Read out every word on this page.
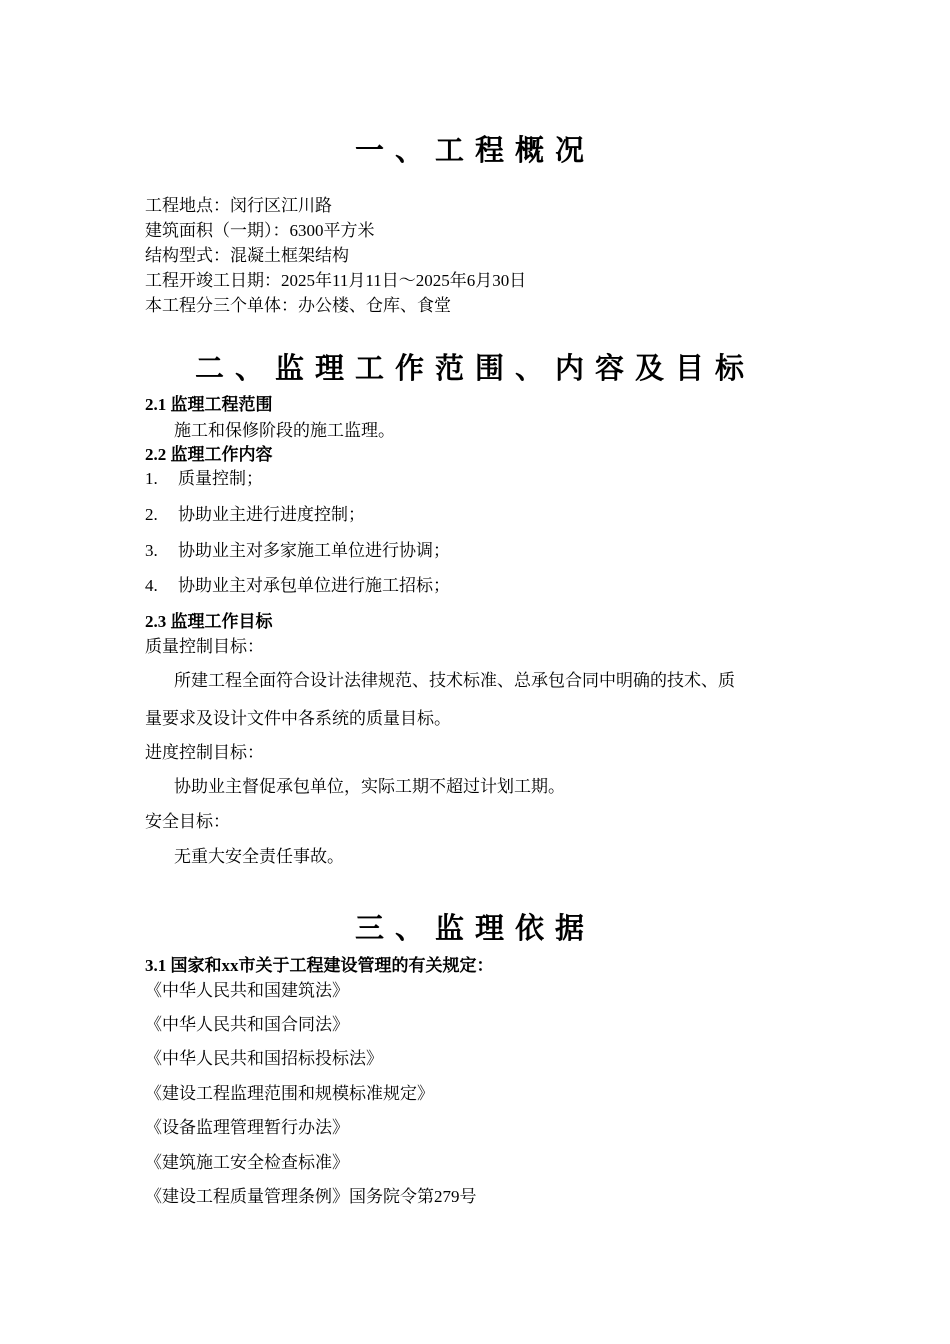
一、工程概况
工程地点：闵行区江川路
建筑面积（一期）：6300平方米
结构型式：混凝土框架结构
工程开竣工日期：2025年11月11日～2025年6月30日
本工程分三个单体：办公楼、仓库、食堂
二、监理工作范围、内容及目标
2.1 监理工程范围
施工和保修阶段的施工监理。
2.2 监理工作内容
1. 质量控制；
2. 协助业主进行进度控制；
3. 协助业主对多家施工单位进行协调；
4. 协助业主对承包单位进行施工招标；
2.3 监理工作目标
质量控制目标：
所建工程全面符合设计法律规范、技术标准、总承包合同中明确的技术、质
量要求及设计文件中各系统的质量目标。
进度控制目标：
协助业主督促承包单位，实际工期不超过计划工期。
安全目标：
无重大安全责任事故。
三、监理依据
3.1 国家和xx市关于工程建设管理的有关规定：
《中华人民共和国建筑法》
《中华人民共和国合同法》
《中华人民共和国招标投标法》
《建设工程监理范围和规模标准规定》
《设备监理管理暂行办法》
《建筑施工安全检查标准》
《建设工程质量管理条例》国务院令第279号
